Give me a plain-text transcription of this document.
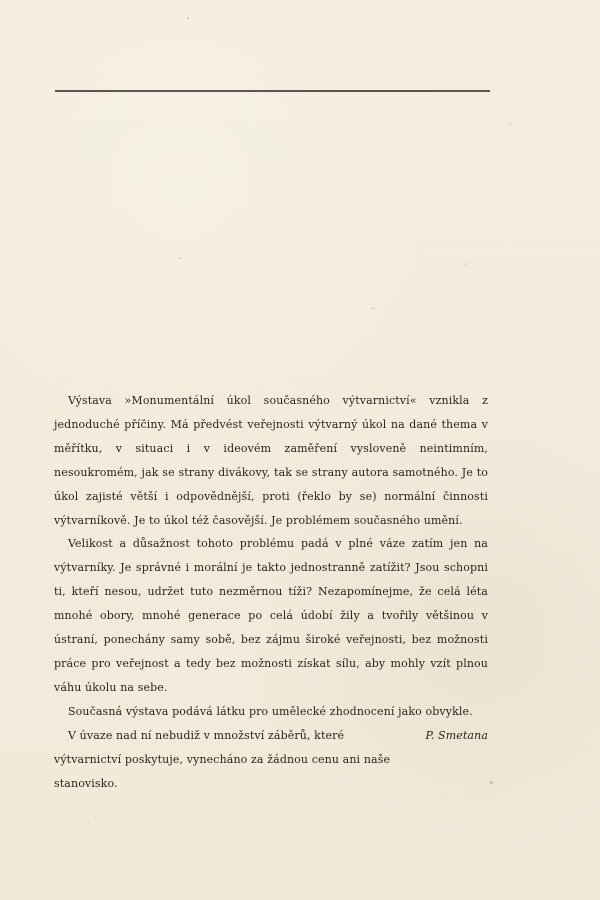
Výstava »Monumentální úkol současného výtvarnictví« vznikla z jednoduché příčiny. Má předvést veřejnosti výtvarný úkol na dané thema v měřítku, v situaci i v ideovém zaměření vysloveně neintimním, nesoukromém, jak se strany divákovy, tak se strany autora samotného. Je to úkol zajisté větší i odpovědnější, proti (řeklo by se) normální činnosti výtvarníkově. Je to úkol též časovější. Je problémem současného umění.

Velikost a důsažnost tohoto problému padá v plné váze zatím jen na výtvarníky. Je správné i morální je takto jednostranně zatížit? Jsou schopni ti, kteří nesou, udržet tuto nezměrnou tíži? Nezapomínejme, že celá léta mnohé obory, mnohé generace po celá údobí žily a tvořily většinou v ústraní, ponechány samy sobě, bez zájmu široké veřejnosti, bez možnosti práce pro veřejnost a tedy bez možnosti získat sílu, aby mohly vzít plnou váhu úkolu na sebe.

Současná výstava podává látku pro umělecké zhodnocení jako obvykle.
V úvaze nad ní nebudiž v množství záběrů, které výtvarnictví poskytuje, vynecháno za žádnou cenu ani naše stanovisko.
P. Smetana
